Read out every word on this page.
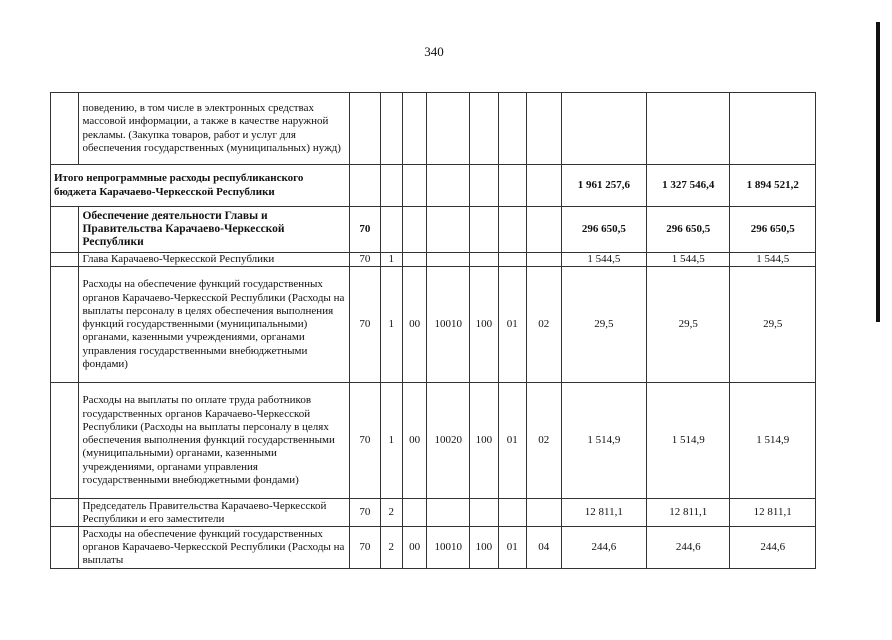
340
	поведению, в том числе в электронных средствах массовой информации, а также в качестве наружной рекламы. (Закупка товаров, работ и услуг для обеспечения государственных (муниципальных) нужд)										
Итого непрограммные расходы республиканского бюджета Карачаево-Черкесской Республики									1 961 257,6	1 327 546,4	1 894 521,2
	Обеспечение деятельности Главы и Правительства Карачаево-Черкесской Республики	70							296 650,5	296 650,5	296 650,5
	Глава Карачаево-Черкесской Республики	70	1						1 544,5	1 544,5	1 544,5
	Расходы на обеспечение функций государственных органов Карачаево-Черкесской Республики (Расходы на выплаты персоналу в целях обеспечения выполнения функций государственными (муниципальными) органами, казенными учреждениями, органами управления государственными внебюджетными фондами)	70	1	00	10010	100	01	02	29,5	29,5	29,5
	Расходы на выплаты по оплате труда работников государственных органов Карачаево-Черкесской Республики (Расходы на выплаты персоналу в целях обеспечения выполнения функций государственными (муниципальными) органами, казенными учреждениями, органами управления государственными внебюджетными фондами)	70	1	00	10020	100	01	02	1 514,9	1 514,9	1 514,9
	Председатель Правительства Карачаево-Черкесской Республики и его заместители	70	2						12 811,1	12 811,1	12 811,1
	Расходы на обеспечение функций государственных органов Карачаево-Черкесской Республики (Расходы на выплаты	70	2	00	10010	100	01	04	244,6	244,6	244,6
